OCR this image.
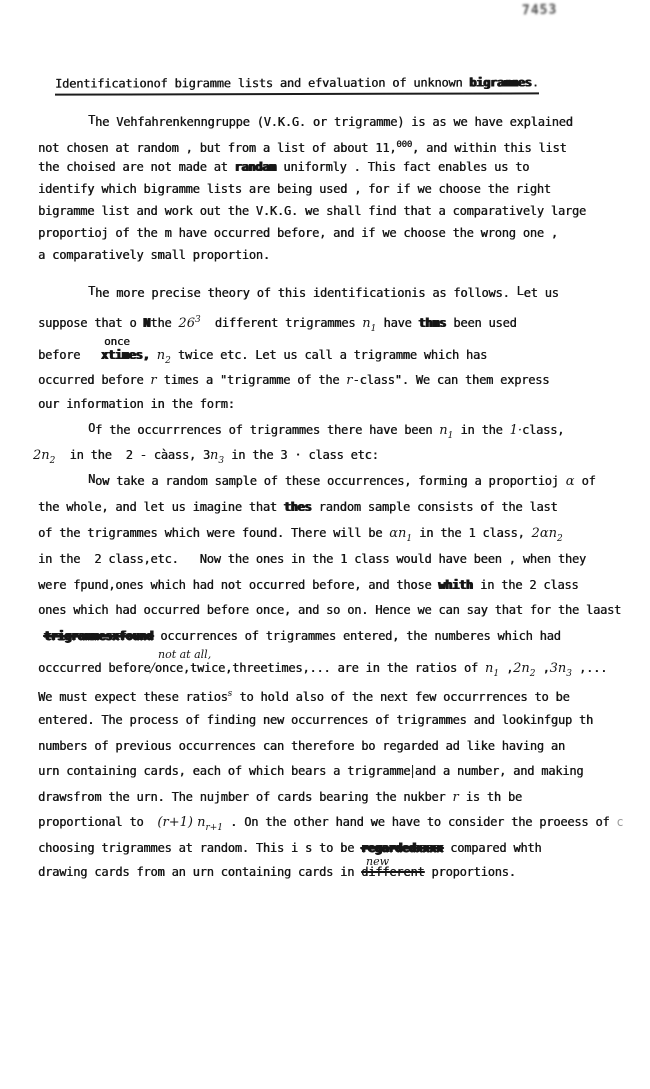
7453
Identificationof bigramme lists and efvaluation of unknown bigrammes.
The Vehfahrenkenngruppe (V.K.G. or trigramme) is as we have explained
not chosen at random , but from a list of about 11,$^{000}$, and within this list
the choised are not made at randam uniformly . This fact enables us to
identify which bigramme lists are being used , for if we choose the right
bigramme list and work out the V.K.G. we shall find that a comparatively large
proportioj of the m have occurred before, and if we choose the wrong one ,
a comparatively small proportion.
The more precise theory of this identificationis as follows. Let us
suppose that o Nthe $26^3$  different trigrammes $n_1$ have thms been used
once
before   xtimes, $n_2$ twice etc. Let us call a trigramme which has
occurred before r times a "trigramme of the r-class". We can them express
our information in the form:
Of the occurrrences of trigrammes there have been $n_1$ in the 1·class,
$2n_2$  in the  2 - càass, $3n_3$ in the 3 · class etc:
Now take a random sample of these occurrences, forming a proportioj α of
the whole, and let us imagine that thes random sample consists of the last
of the trigrammes which were found. There will be $\alpha n_1$ in the 1 class, $2\alpha n_2$
in the  2 class,etc.   Now the ones in the 1 class would have been , when they
were fpund,ones which had not occurred before, and those whith in the 2 class
ones which had occurred before once, and so on. Hence we can say that for the laast
trigrammesxfound occurrences of trigrammes entered, the numberes which had
not at all,
occcurred before/once,twice,threetimes,... are in the ratios of $n_1$ $,2n_2$ $,3n_3$ ,...
We must expect these ratios$^s$ to hold also of the next few occurrrences to be
entered. The process of finding new occurrences of trigrammes and lookinfgup th
numbers of previous occurrences can therefore bo regarded ad like having an
urn containing cards, each of which bears a trigramme|and a number, and making
drawsfrom the urn. The nujmber of cards bearing the nukber r is th be
proportional to  (r+1) $n_{r+1}$ . On the other hand we have to consider the proeess of c
choosing trigrammes at random. This i s to be regardedxxxx compared whth
new
drawing cards from an urn containing cards in different proportions.
